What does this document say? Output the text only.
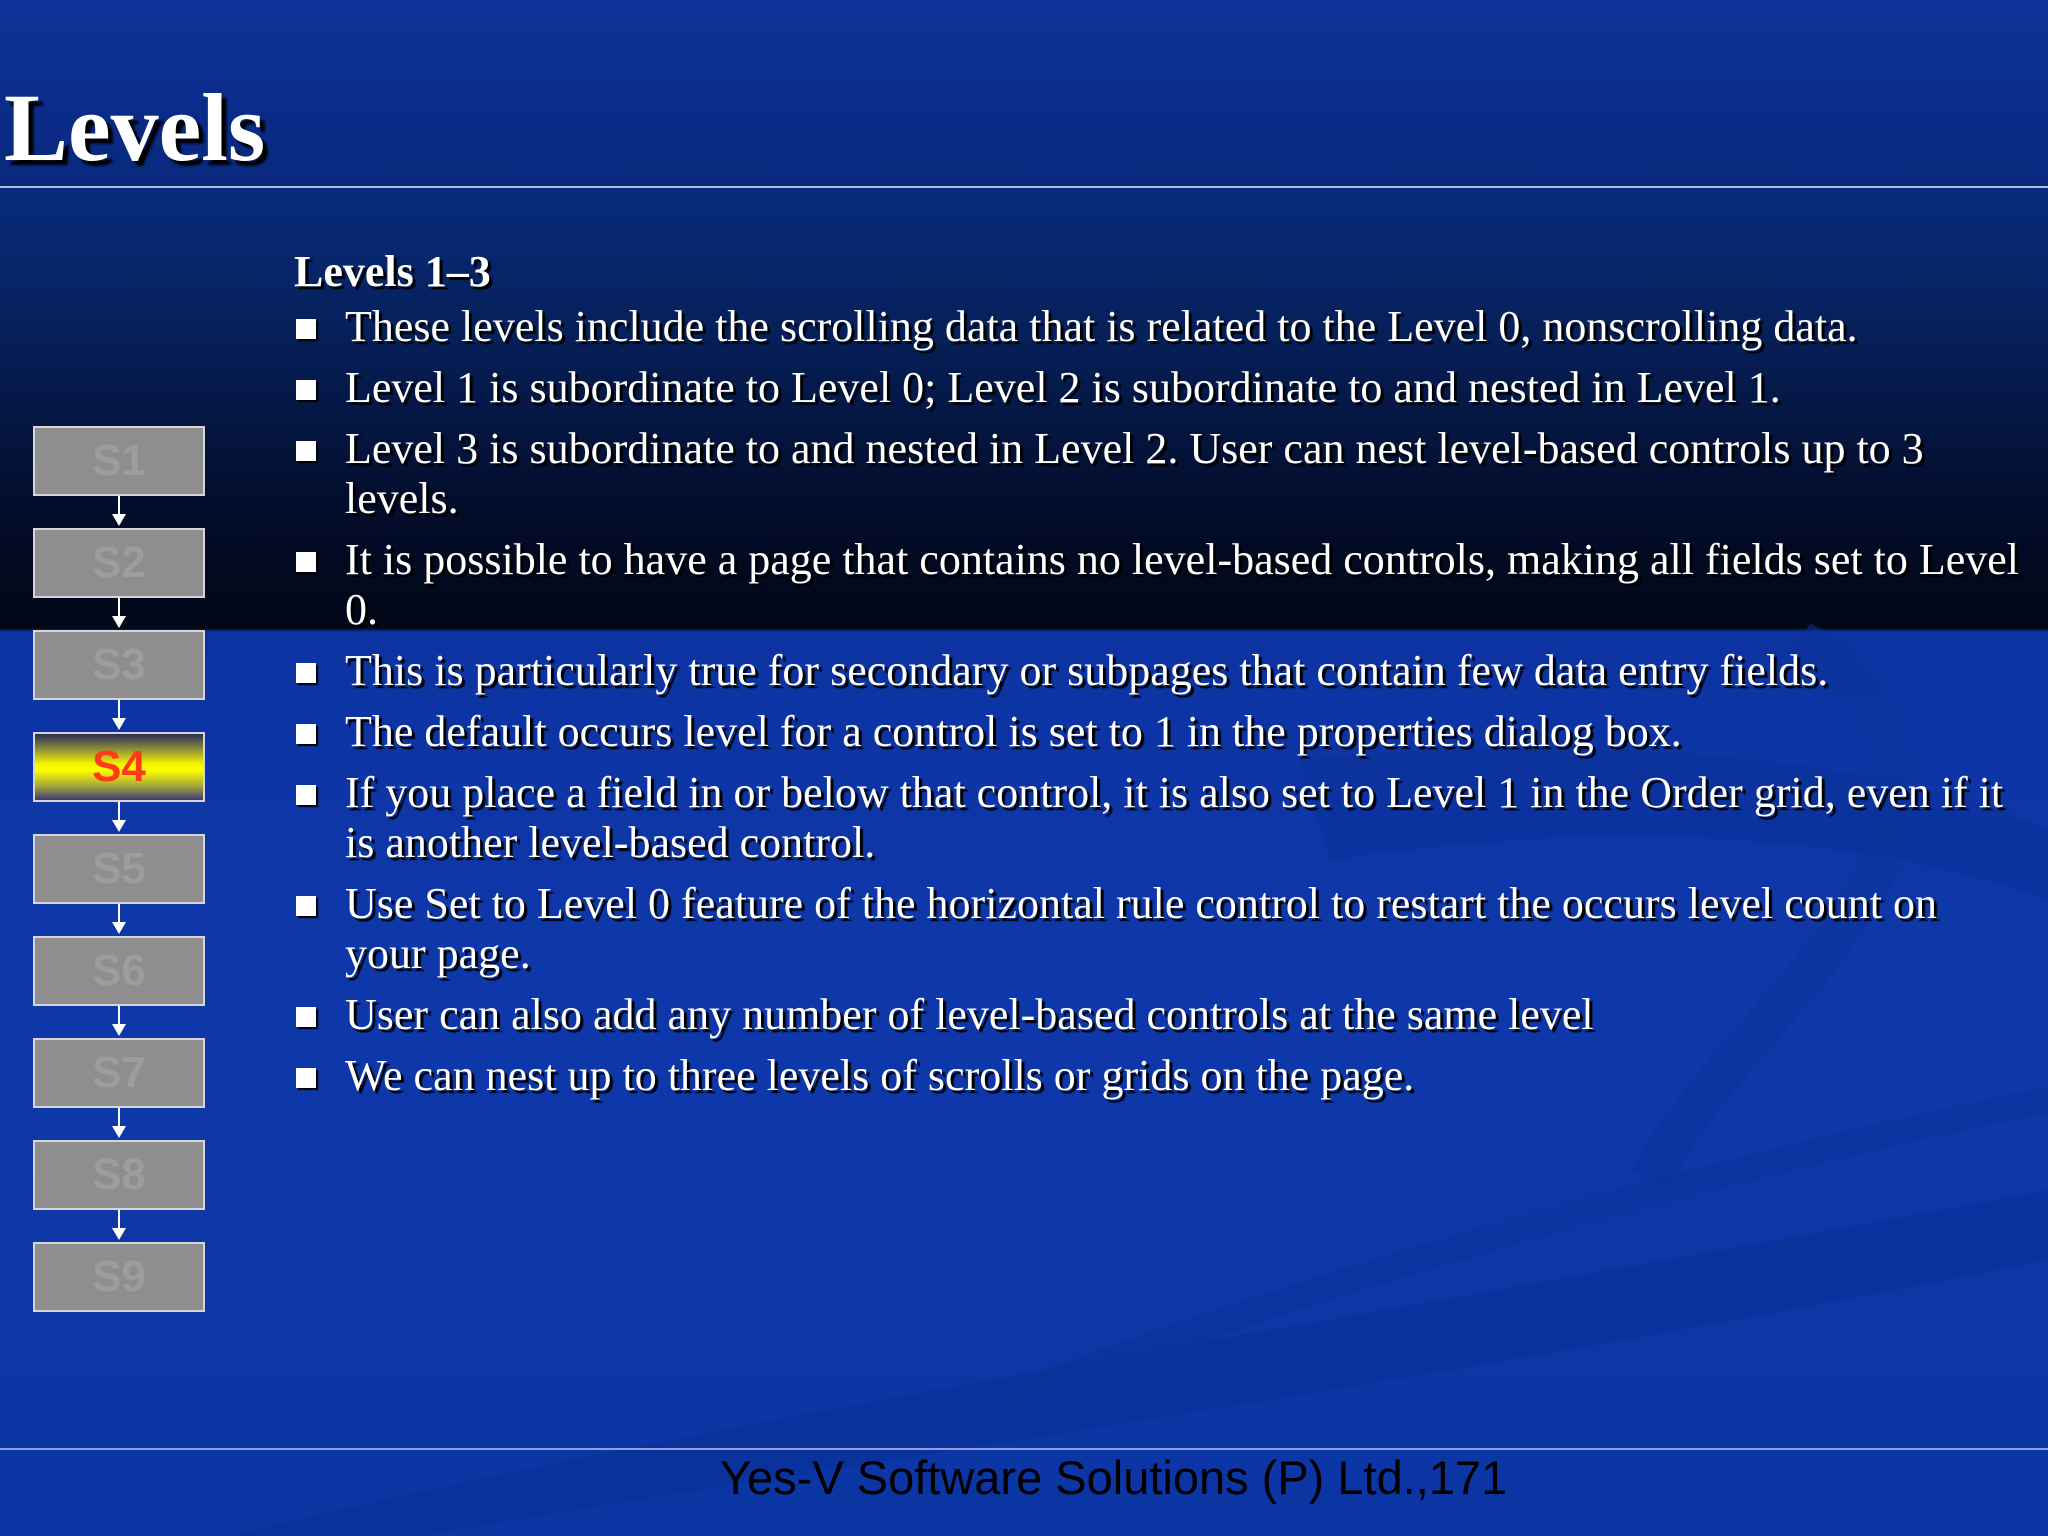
Levels
Levels 1–3
These levels include the scrolling data that is related to the Level 0, nonscrolling data.
Level 1 is subordinate to Level 0; Level 2 is subordinate to and nested in Level 1.
Level 3 is subordinate to and nested in Level 2. User can nest level-based controls up to 3 levels.
It is possible to have a page that contains no level-based controls, making all fields set to Level 0.
This is particularly true for secondary or subpages that contain few data entry fields.
The default occurs level for a control is set to 1 in the properties dialog box.
If you place a field in or below that control, it is also set to Level 1 in the Order grid, even if it is another level-based control.
Use Set to Level 0 feature of the horizontal rule control to restart the occurs level count on your page.
User can also add any number of level-based controls at the same level
We can nest up to three levels of scrolls or grids on the page.
S1
S2
S3
S4
S5
S6
S7
S8
S9
Yes-V Software Solutions (P) Ltd.,171
